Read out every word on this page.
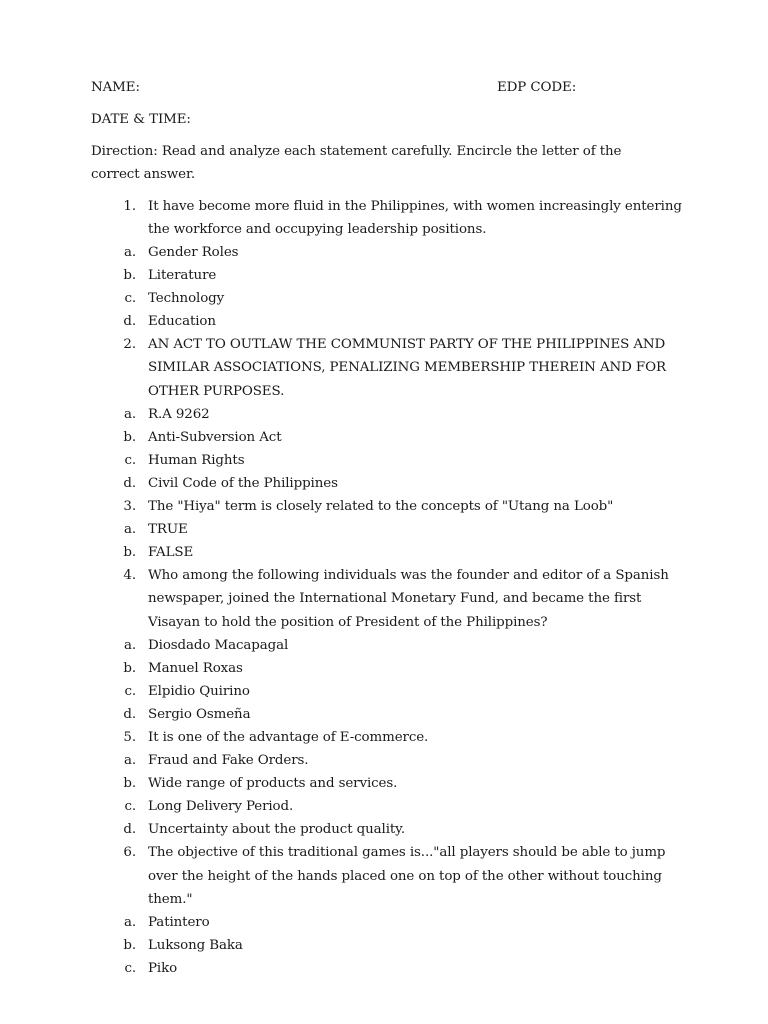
NAME:	EDP CODE:
DATE & TIME:
Direction: Read and analyze each statement carefully. Encircle the letter of the correct answer.
1. It have become more fluid in the Philippines, with women increasingly entering the workforce and occupying leadership positions.
a. Gender Roles
b. Literature
c. Technology
d. Education
2. AN ACT TO OUTLAW THE COMMUNIST PARTY OF THE PHILIPPINES AND SIMILAR ASSOCIATIONS, PENALIZING MEMBERSHIP THEREIN AND FOR OTHER PURPOSES.
a. R.A 9262
b. Anti-Subversion Act
c. Human Rights
d. Civil Code of the Philippines
3. The "Hiya" term is closely related to the concepts of "Utang na Loob"
a. TRUE
b. FALSE
4. Who among the following individuals was the founder and editor of a Spanish newspaper, joined the International Monetary Fund, and became the first Visayan to hold the position of President of the Philippines?
a. Diosdado Macapagal
b. Manuel Roxas
c. Elpidio Quirino
d. Sergio Osmeña
5. It is one of the advantage of E-commerce.
a. Fraud and Fake Orders.
b. Wide range of products and services.
c. Long Delivery Period.
d. Uncertainty about the product quality.
6. The objective of this traditional games is..."all players should be able to jump over the height of the hands placed one on top of the other without touching them."
a. Patintero
b. Luksong Baka
c. Piko
